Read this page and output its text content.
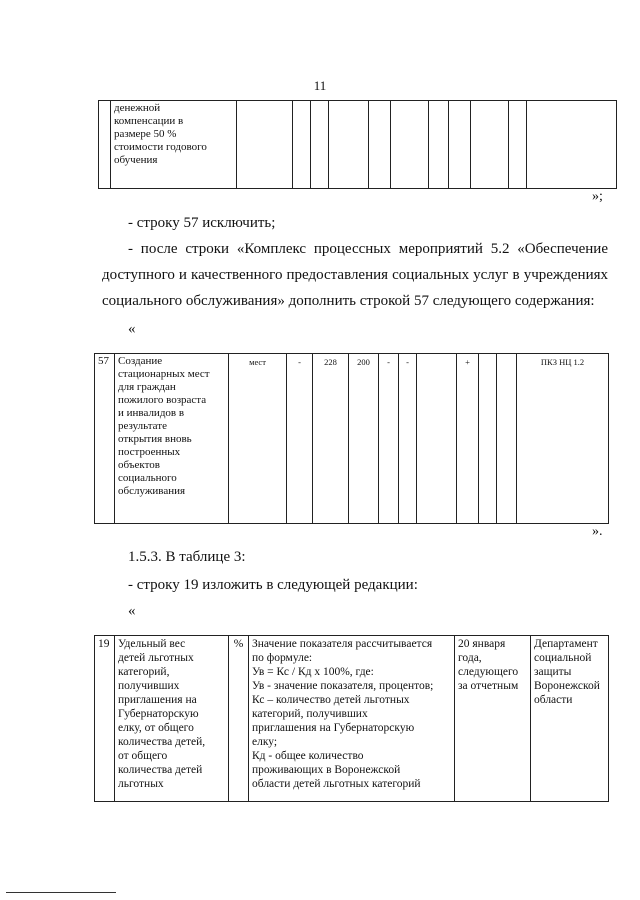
11
	денежной
компенсации в
размере 50 %
стоимости годового
обучения											
»;
- строку 57 исключить;
- после строки «Комплекс процессных мероприятий 5.2 «Обеспечение
доступного и качественного предоставления социальных услуг в учреждениях
социального обслуживания» дополнить строкой 57 следующего содержания:
«
57	Создание
стационарных мест
для граждан
пожилого возраста
и инвалидов в
результате
открытия вновь
построенных
объектов
социального
обслуживания	мест	-	228	200	-	-		+			ПКЗ НЦ 1.2
».
1.5.3. В таблице 3:
- строку 19 изложить в следующей редакции:
«
19	Удельный вес
детей льготных
категорий,
получивших
приглашения на
Губернаторскую
елку, от общего
количества детей,
от общего
количества детей
льготных	%	Значение показателя рассчитывается
по формуле:
Ув = Кс / Кд х 100%, где:
Ув - значение показателя, процентов;
Кс – количество детей льготных
категорий, получивших
приглашения на Губернаторскую
елку;
Кд - общее количество
проживающих в Воронежской
области детей льготных категорий	20 января
года,
следующего
за отчетным	Департамент
социальной
защиты
Воронежской
области
